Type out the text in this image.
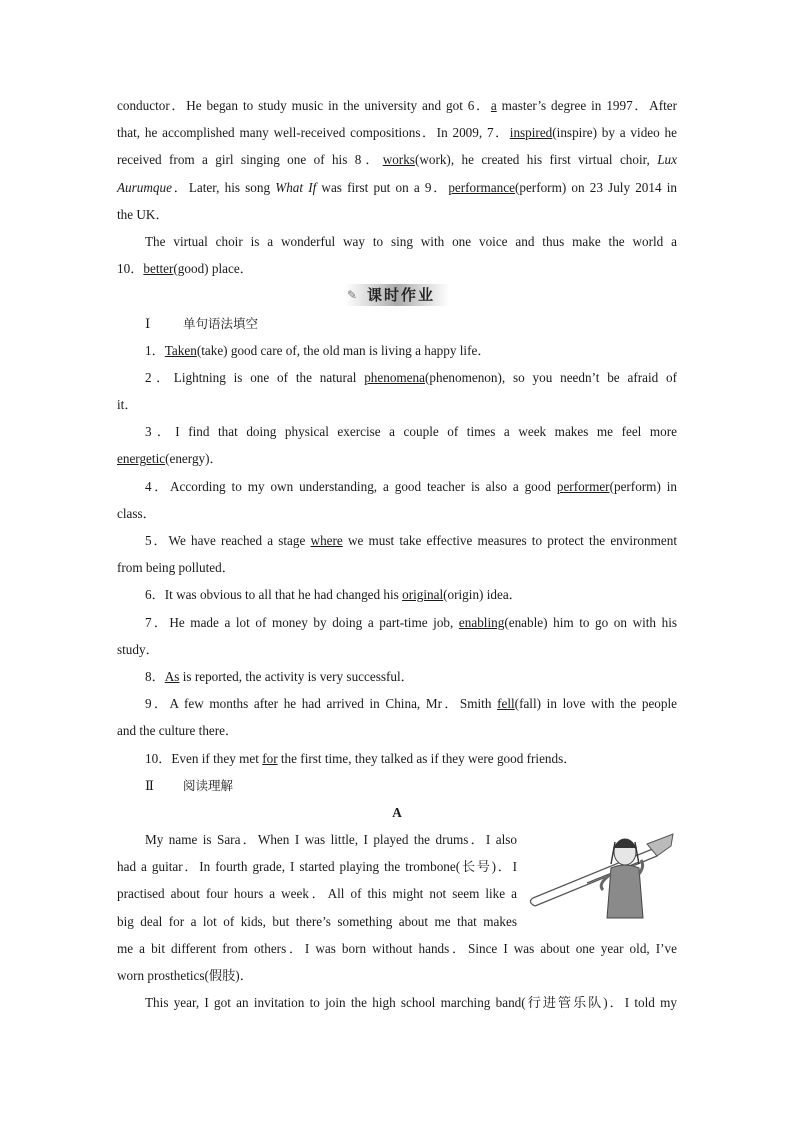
conductor．He began to study music in the university and got 6．a master’s degree in 1997．After
that, he accomplished many well-received compositions．In 2009, 7．inspired(inspire) by a video he
received from a girl singing one of his 8．works(work), he created his first virtual choir, Lux
Aurumque．Later, his song What If was first put on a 9．performance(perform) on 23 July 2014 in
the UK．
The virtual choir is a wonderful way to sing with one voice and thus make the world a
10．better(good) place．
✎ 课时作业
Ⅰ	单句语法填空
1．Taken(take) good care of, the old man is living a happy life．
2．Lightning is one of the natural phenomena(phenomenon), so you needn’t be afraid of
it．
3．I find that doing physical exercise a couple of times a week makes me feel more
energetic(energy)．
4．According to my own understanding, a good teacher is also a good performer(perform) in
class．
5．We have reached a stage where we must take effective measures to protect the environment
from being polluted．
6．It was obvious to all that he had changed his original(origin) idea．
7．He made a lot of money by doing a part-time job, enabling(enable) him to go on with his
study．
8．As is reported, the activity is very successful．
9．A few months after he had arrived in China, Mr．Smith fell(fall) in love with the people
and the culture there．
10．Even if they met for the first time, they talked as if they were good friends．
Ⅱ 阅读理解
A
My name is Sara．When I was little, I played the drums．I also
had a guitar．In fourth grade, I started playing the trombone(长号)．I
practised about four hours a week．All of this might not seem like a
big deal for a lot of kids, but there’s something about me that makes
me a bit different from others．I was born without hands．Since I was about one year old, I’ve
worn prosthetics(假肢)．
This year, I got an invitation to join the high school marching band(行进管乐队)．I told my
